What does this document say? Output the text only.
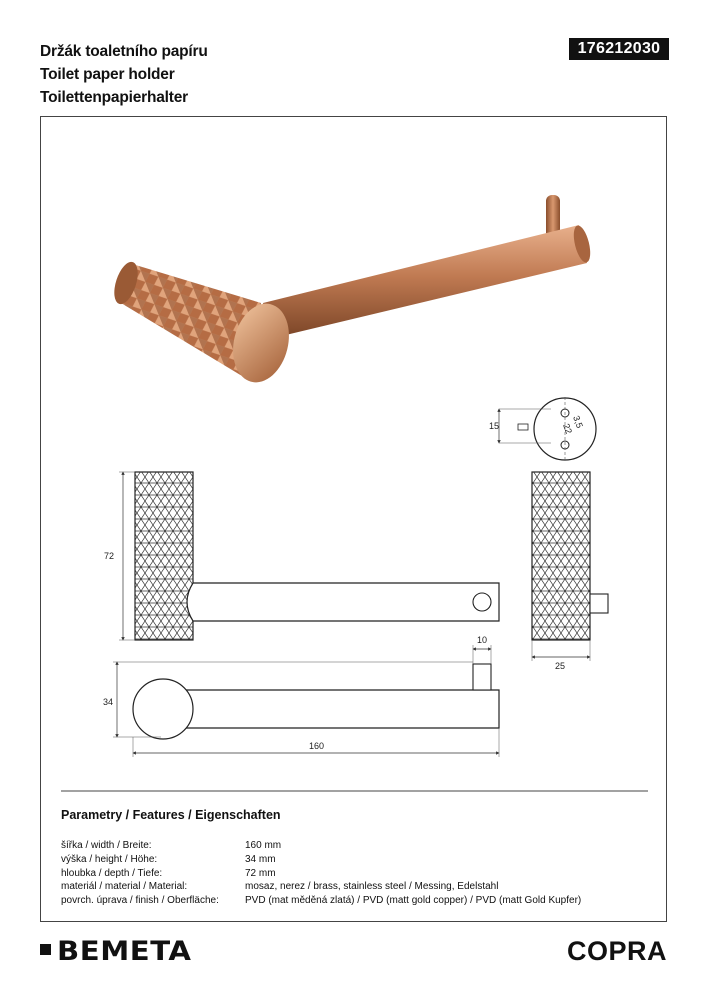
Držák toaletního papíru
Toilet paper holder
Toilettenpapierhalter
176212030
15	3,5
22
72
10
34
160
25
Parametry / Features / Eigenschaften
šířka / width / Breite:	160 mm
výška / height / Höhe:	34 mm
hloubka / depth / Tiefe:	72 mm
materiál / material / Material:	mosaz, nerez / brass, stainless steel / Messing, Edelstahl
povrch. úprava / finish / Oberfläche:	PVD (mat měděná zlatá) / PVD (matt gold copper) / PVD (matt Gold Kupfer)
BEMETA	COPRA
